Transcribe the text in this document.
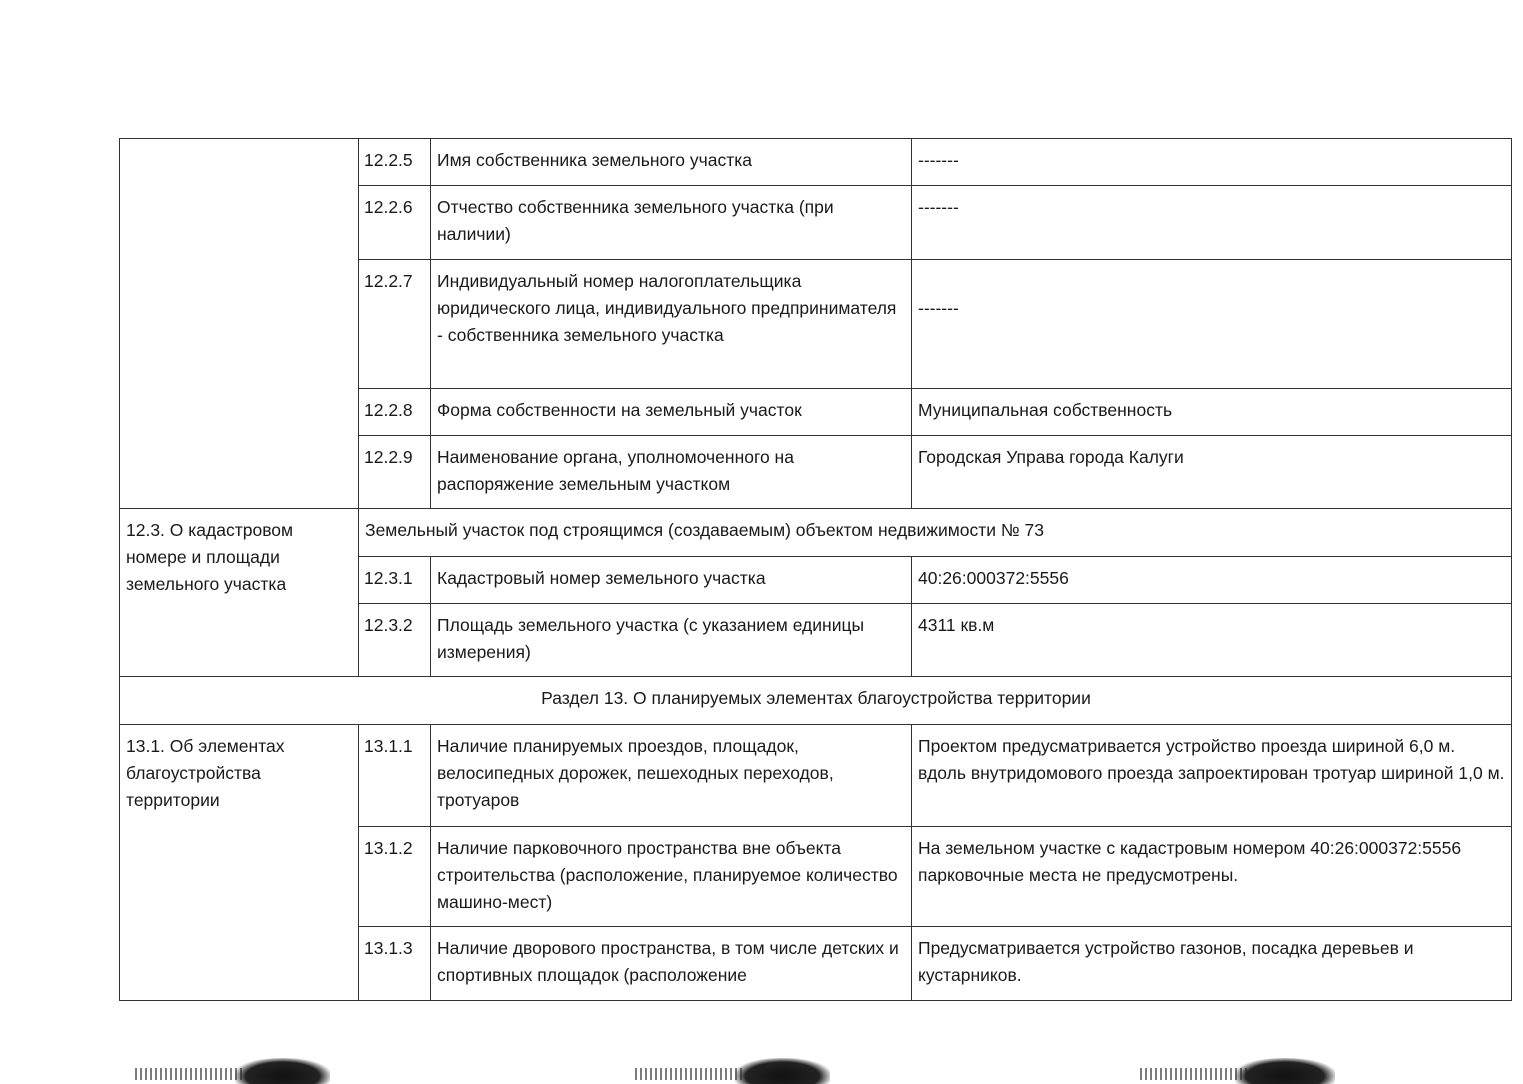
	12.2.5	Имя собственника земельного участка	-------
	12.2.6	Отчество собственника земельного участка (при наличии)	-------
	12.2.7	Индивидуальный номер налогоплательщика юридического лица, индивидуального предпринимателя - собственника земельного участка	-------
	12.2.8	Форма собственности на земельный участок	Муниципальная собственность
	12.2.9	Наименование органа, уполномоченного на распоряжение земельным участком	Городская Управа города Калуги
12.3. О кадастровом номере и площади земельного участка	Земельный участок под строящимся (создаваемым) объектом недвижимости № 73		
	12.3.1	Кадастровый номер земельного участка	40:26:000372:5556
	12.3.2	Площадь земельного участка (с указанием единицы измерения)	4311 кв.м
Раздел 13. О планируемых элементах благоустройства территории			
13.1. Об элементах благоустройства территории	13.1.1	Наличие планируемых проездов, площадок, велосипедных дорожек, пешеходных переходов, тротуаров	Проектом предусматривается устройство проезда шириной 6,0 м. вдоль внутридомового проезда запроектирован тротуар шириной 1,0 м.
	13.1.2	Наличие парковочного пространства вне объекта строительства (расположение, планируемое количество машино-мест)	На земельном участке с кадастровым номером 40:26:000372:5556 парковочные места не предусмотрены.
	13.1.3	Наличие дворового пространства, в том числе детских и спортивных площадок (расположение	Предусматривается устройство газонов, посадка деревьев и кустарников.
